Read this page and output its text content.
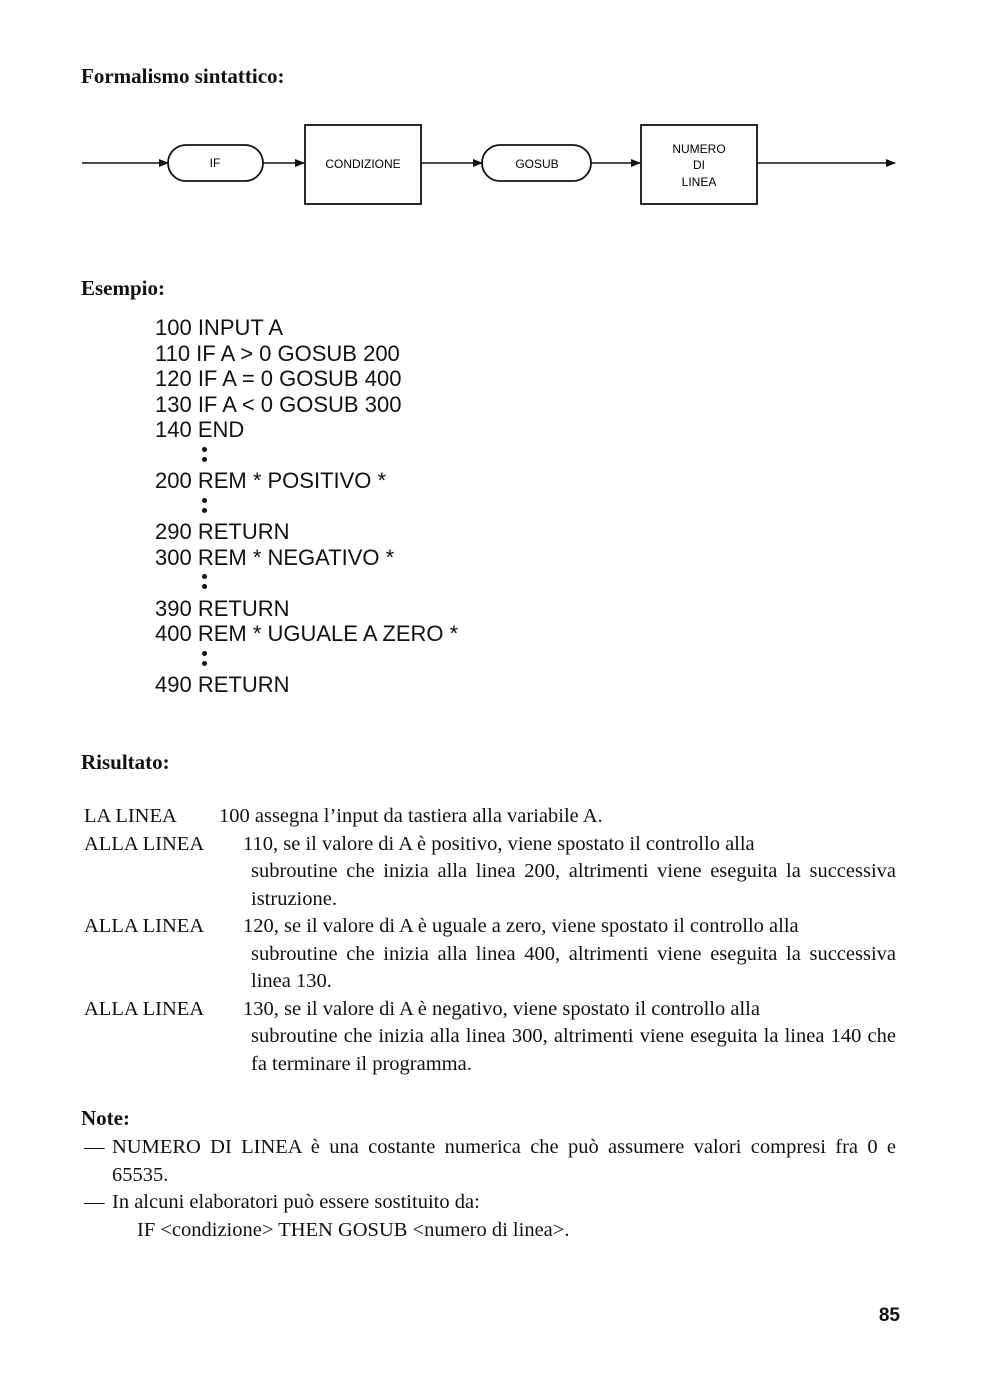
Formalismo sintattico:
IF	CONDIZIONE	GOSUB
NUMERO
DI
LINEA
Esempio:
100 INPUT A
110 IF A > 0 GOSUB 200
120 IF A = 0 GOSUB 400
130 IF A < 0 GOSUB 300
140 END
200 REM * POSITIVO *
290 RETURN
300 REM * NEGATIVO *
390 RETURN
400 REM * UGUALE A ZERO *
490 RETURN
Risultato:
LA LINEA	100 assegna l’input da tastiera alla variabile A.
ALLA LINEA	110, se il valore di A è positivo, viene spostato il controllo alla
subroutine che inizia alla linea 200, altrimenti viene eseguita la successiva istruzione.
ALLA LINEA	120, se il valore di A è uguale a zero, viene spostato il controllo alla
subroutine che inizia alla linea 400, altrimenti viene eseguita la successiva linea 130.
ALLA LINEA	130, se il valore di A è negativo, viene spostato il controllo alla
subroutine che inizia alla linea 300, altrimenti viene eseguita la linea 140 che fa terminare il programma.
Note:
— NUMERO DI LINEA è una costante numerica che può assumere valori compresi fra 0 e 65535.
— In alcuni elaboratori può essere sostituito da:
IF <condizione> THEN GOSUB <numero di linea>.
85
